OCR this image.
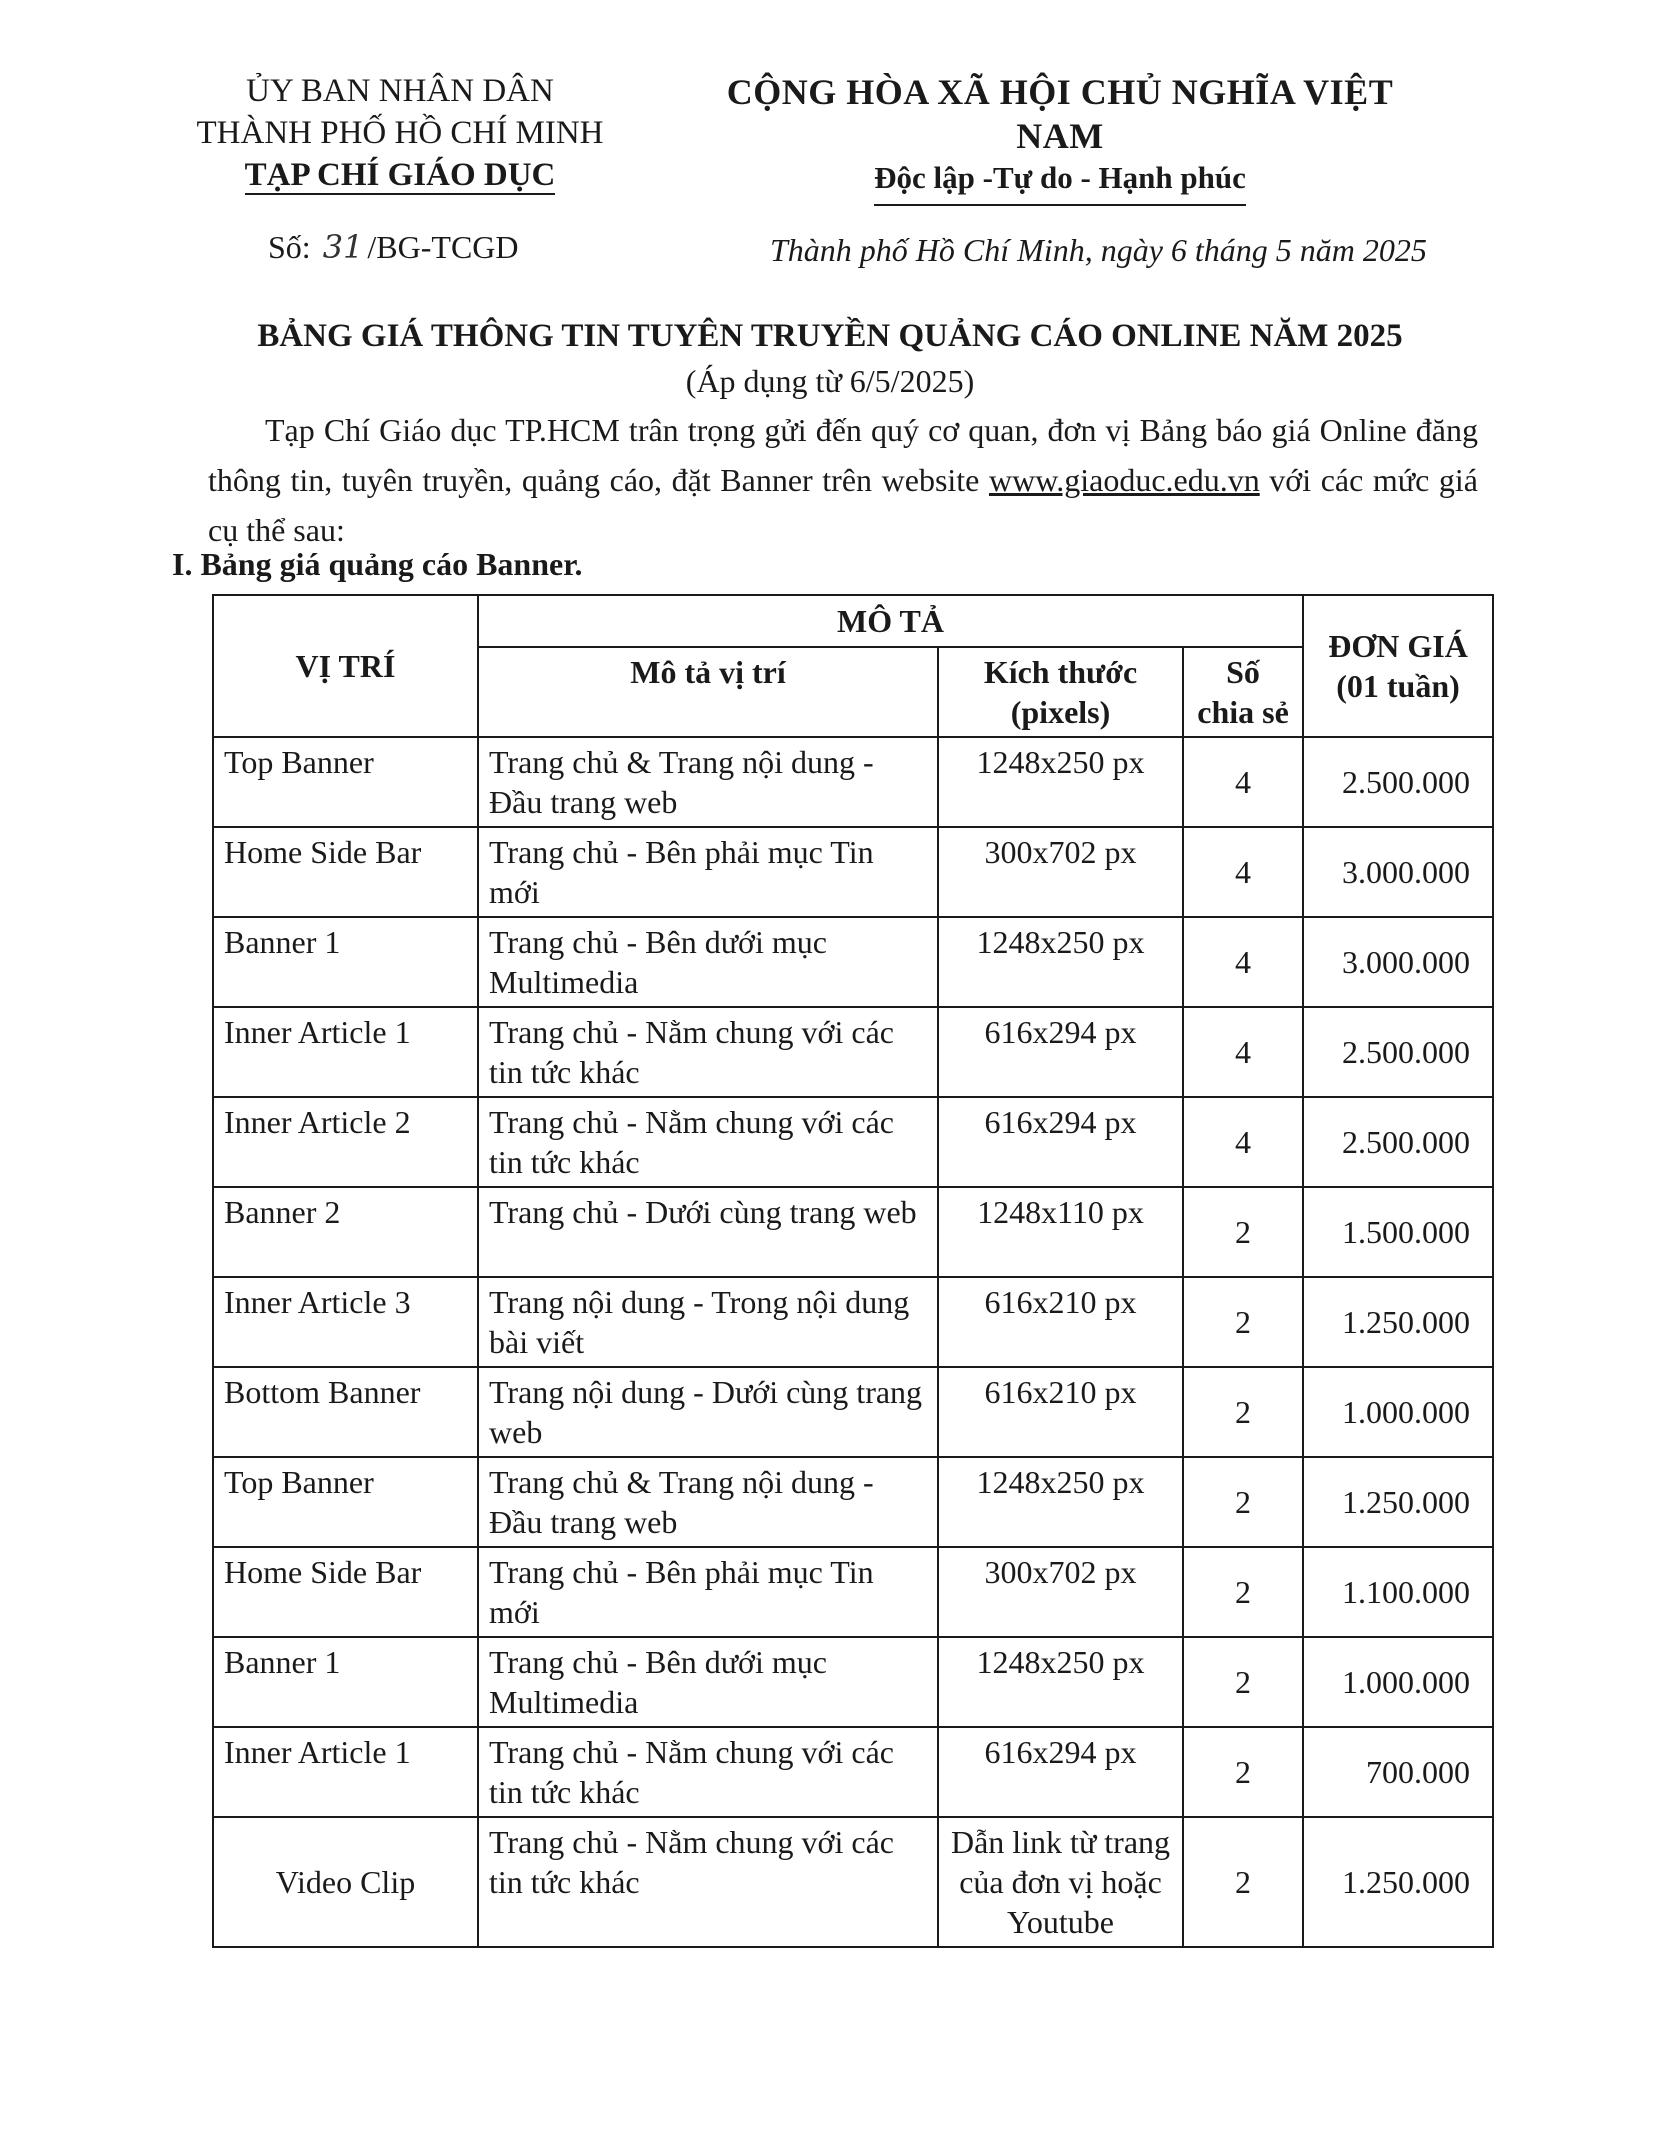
ỦY BAN NHÂN DÂN
THÀNH PHỐ HỒ CHÍ MINH
TẠP CHÍ GIÁO DỤC
CỘNG HÒA XÃ HỘI CHỦ NGHĨA VIỆT NAM
Độc lập -Tự do - Hạnh phúc
Số: 31 /BG-TCGD	Thành phố Hồ Chí Minh, ngày 6 tháng 5 năm 2025
BẢNG GIÁ THÔNG TIN TUYÊN TRUYỀN QUẢNG CÁO ONLINE NĂM 2025
(Áp dụng từ 6/5/2025)
Tạp Chí Giáo dục TP.HCM trân trọng gửi đến quý cơ quan, đơn vị Bảng báo giá Online đăng thông tin, tuyên truyền, quảng cáo, đặt Banner trên website www.giaoduc.edu.vn với các mức giá cụ thể sau:
I. Bảng giá quảng cáo Banner.
VỊ TRÍ	MÔ TẢ			ĐƠN GIÁ (01 tuần)
	Mô tả vị trí	Kích thước (pixels)	Số chia sẻ	
Top Banner	Trang chủ & Trang nội dung - Đầu trang web	1248x250 px	4	2.500.000
Home Side Bar	Trang chủ - Bên phải mục Tin mới	300x702 px	4	3.000.000
Banner 1	Trang chủ - Bên dưới mục Multimedia	1248x250 px	4	3.000.000
Inner Article 1	Trang chủ - Nằm chung với các tin tức khác	616x294 px	4	2.500.000
Inner Article 2	Trang chủ - Nằm chung với các tin tức khác	616x294 px	4	2.500.000
Banner 2	Trang chủ - Dưới cùng trang web	1248x110 px	2	1.500.000
Inner Article 3	Trang nội dung - Trong nội dung bài viết	616x210 px	2	1.250.000
Bottom Banner	Trang nội dung - Dưới cùng trang web	616x210 px	2	1.000.000
Top Banner	Trang chủ & Trang nội dung - Đầu trang web	1248x250 px	2	1.250.000
Home Side Bar	Trang chủ - Bên phải mục Tin mới	300x702 px	2	1.100.000
Banner 1	Trang chủ - Bên dưới mục Multimedia	1248x250 px	2	1.000.000
Inner Article 1	Trang chủ - Nằm chung với các tin tức khác	616x294 px	2	700.000
Video Clip	Trang chủ - Nằm chung với các tin tức khác	Dẫn link từ trang của đơn vị hoặc Youtube	2	1.250.000
